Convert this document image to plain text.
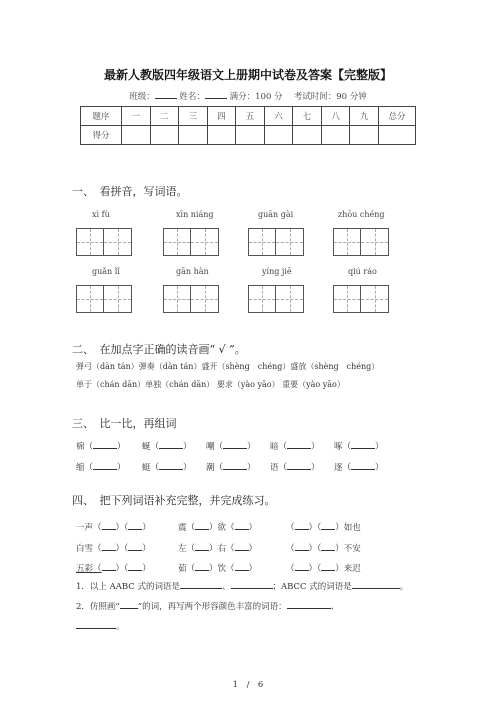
最新人教版四年级语文上册期中试卷及答案【完整版】
班级：	姓名：	满分：100 分　 考试时间：90 分钟
题序	一	二	三	四	五	六	七	八	九	总分
得分										
一、　看拼音，写词语。
xì fù	xīn niáng	guān gài	zhōu chéng
guǎn lǐ	gān hàn	yíng jiē	qiú ráo
二、　在加点字正确的读音画“ √ ”。
弹弓（dàn tán）弹奏（dàn tán）盛开（shèng　chéng）盛放（shèng　chéng）
单于（chán dān）单独（chán dān） 要求（yào yāo） 重要（yào yāo）
三、　比一比，再组词
棉（	） 蜒（	） 嘲（	） 暗（	） 啄（	）
缩（	） 蜓（	） 潮（	） 语（	） 逐（	）
四、　把下列词语补充完整，并完成练习。
一声（ ）（ ）	震（ ）欲（ ）	（ ）（ ）如也
白雪（ ）（ ）	左（ ）右（ ）	（ ）（ ）不安
五彩（ ）（ ）	茹（ ）饮（ ）	（ ）（ ）来迟
1．以上 AABC 式的词语是	、	；ABCC 式的词语是	。
2．仿照画“ ”的词，再写两个形容颜色丰富的词语：	、
。
1　/　6
